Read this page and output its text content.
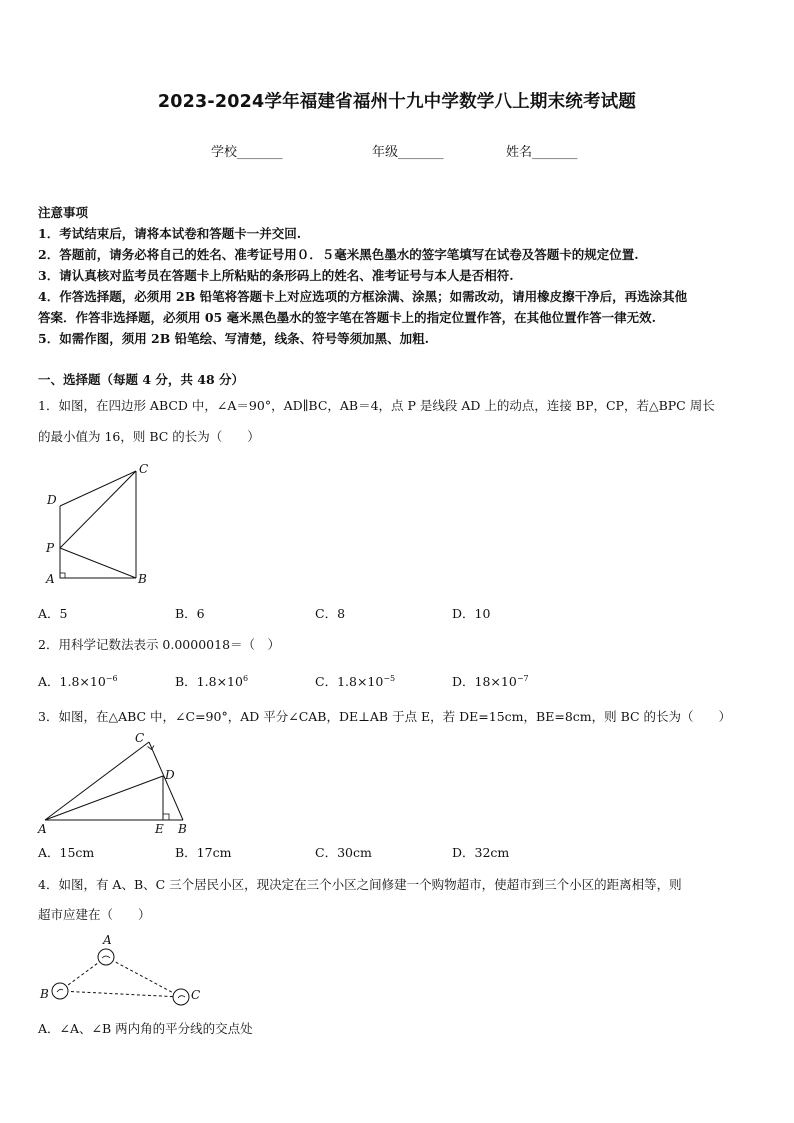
2023-2024学年福建省福州十九中学数学八上期末统考试题
学校_______	年级_______	姓名_______
注意事项
1．考试结束后，请将本试卷和答题卡一并交回.
2．答题前，请务必将自己的姓名、准考证号用０．５毫米黑色墨水的签字笔填写在试卷及答题卡的规定位置.
3．请认真核对监考员在答题卡上所粘贴的条形码上的姓名、准考证号与本人是否相符.
4．作答选择题，必须用 2B 铅笔将答题卡上对应选项的方框涂满、涂黑；如需改动，请用橡皮擦干净后，再选涂其他
答案．作答非选择题，必须用 05 毫米黑色墨水的签字笔在答题卡上的指定位置作答，在其他位置作答一律无效.
5．如需作图，须用 2B 铅笔绘、写清楚，线条、符号等须加黑、加粗.
一、选择题（每题 4 分，共 48 分）
1．如图，在四边形 ABCD 中，∠A＝90°，AD∥BC，AB＝4，点 P 是线段 AD 上的动点，连接 BP，CP，若△BPC 周长
的最小值为 16，则 BC 的长为（　　）
C
D
P
A	B
A．5	B．6	C．8	D．10
2．用科学记数法表示 0.0000018＝（　）
A．$1.8\times 10^{-6}$	B．$1.8\times 10^6$	C．$1.8\times 10^{-5}$	D．$18\times 10^{-7}$
3．如图，在△ABC 中，∠C=90°，AD 平分∠CAB，DE⊥AB 于点 E，若 DE=15cm，BE=8cm，则 BC 的长为（　　）
C
D
A	E B
A．15cm	B．17cm	C．30cm	D．32cm
4．如图，有 A、B、C 三个居民小区，现决定在三个小区之间修建一个购物超市，使超市到三个小区的距离相等，则
超市应建在（　　）
A
B	C
A．∠A、∠B 两内角的平分线的交点处
